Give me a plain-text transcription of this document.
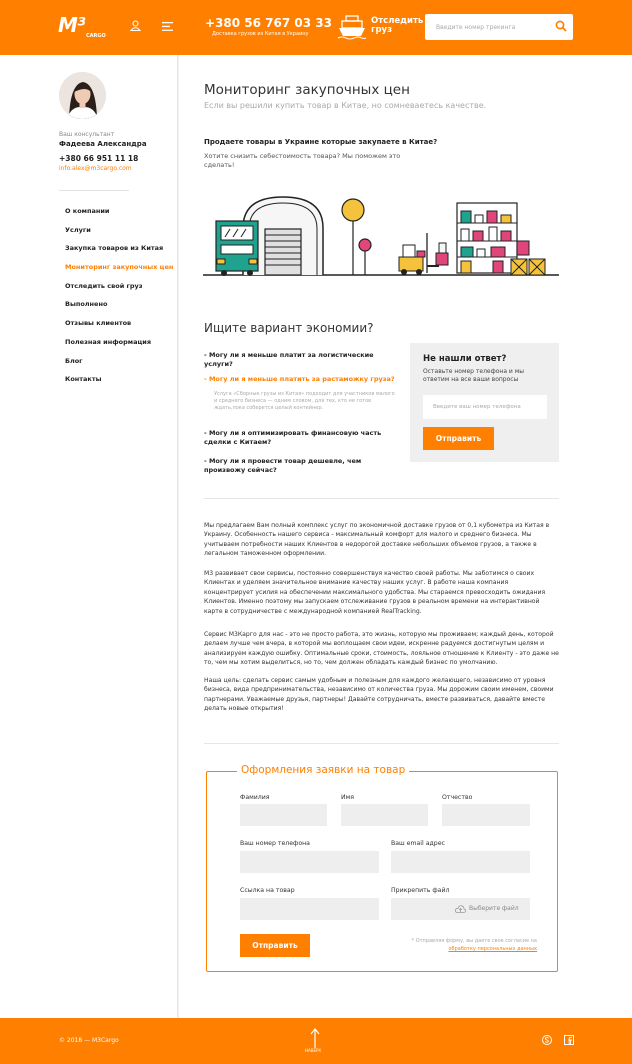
M³ CARGO
+380 56 767 03 33
Доставка грузов из Китая в Украину
Отследить груз
Введите номер трекинга
Ваш консультант
Фадеева Александра
+380 66 951 11 18
info.alex@m3cargo.com
О компании
Услуги
Закупка товаров из Китая
Мониторинг закупочных цен
Отследить свой груз
Выполнено
Отзывы клиентов
Полезная информация
Блог
Контакты
Мониторинг закупочных цен
Если вы решили купить товар в Китае, но сомневаетесь качестве.
Продаете товары в Украине которые закупаете в Китае?
Хотите снизить себестоимость товара? Мы поможем это сделать!
Ищите вариант экономии?
- Могу ли я меньше платит за логистические услуги?
- Могу ли я меньше платить за растаможку груза?
Услуга «Сборные грузы из Китая» подходит для участников малого и среднего бизнеса — одним словом, для тех, кто не готов ждать,пока соберется целый контейнер.
- Могу ли я оптимизировать финансовую часть сделки с Китаем?
- Могу ли я провести товар дешевле, чем произвожу сейчас?
Не нашли ответ?
Оставьте номер телефона и мы ответим на все ваши вопросы
Введите ваш номер телефона
Отправить

Мы предлагаем Вам полный комплекс услуг по экономичной доставке грузов от 0,1 кубометра из Китая в Украину. Особенность нашего сервиса - максимальный комфорт для малого и среднего бизнеса. Мы учитываем потребности наших Клиентов в недорогой доставке небольших объемов грузов, а также в легальном таможенном оформлении.

М3 развивает свои сервисы, постоянно совершенствуя качество своей работы. Мы заботимся о своих Клиентах и уделяем значительное внимание качеству наших услуг. В работе наша компания концентрирует усилия на обеспечении максимального удобства. Мы стараемся превосходить ожидания Клиентов. Именно поэтому мы запускаем отслеживание грузов в реальном времени на интерактивной карте в сотрудничестве с международной компанией RealTracking.

Сервис М3Карго для нас - это не просто работа, это жизнь, которую мы проживаем; каждый день, которой делаем лучше чем вчера, в которой мы воплощаем свои идеи, искренне радуемся достигнутым целям и анализируем каждую ошибку. Оптимальные сроки, стоимость, лояльное отношение к Клиенту - это даже не то, чем мы хотим выделиться, но то, чем должен обладать каждый бизнес по умолчанию.

Наша цель: сделать сервис самым удобным и полезным для каждого желающего, независимо от уровня бизнеса, вида предпринимательства, независимо от количества груза. Мы дорожим своим именем, своими партнерами. Уважаемые друзья, партнеры! Давайте сотрудничать, вместе развиваться, давайте вместе делать новые открытия!

Оформления заявки на товар
Фамилия	Имя	Отчество
Ваш номер телефона	Ваш email адрес
Ссылка на товар	Прикрепить файл
Выберите файл
Отправить	* Отправляя форму, вы даете свое согласие на
обработку персональных данных
© 2018 — M3Cargo
НАВЕРХ
